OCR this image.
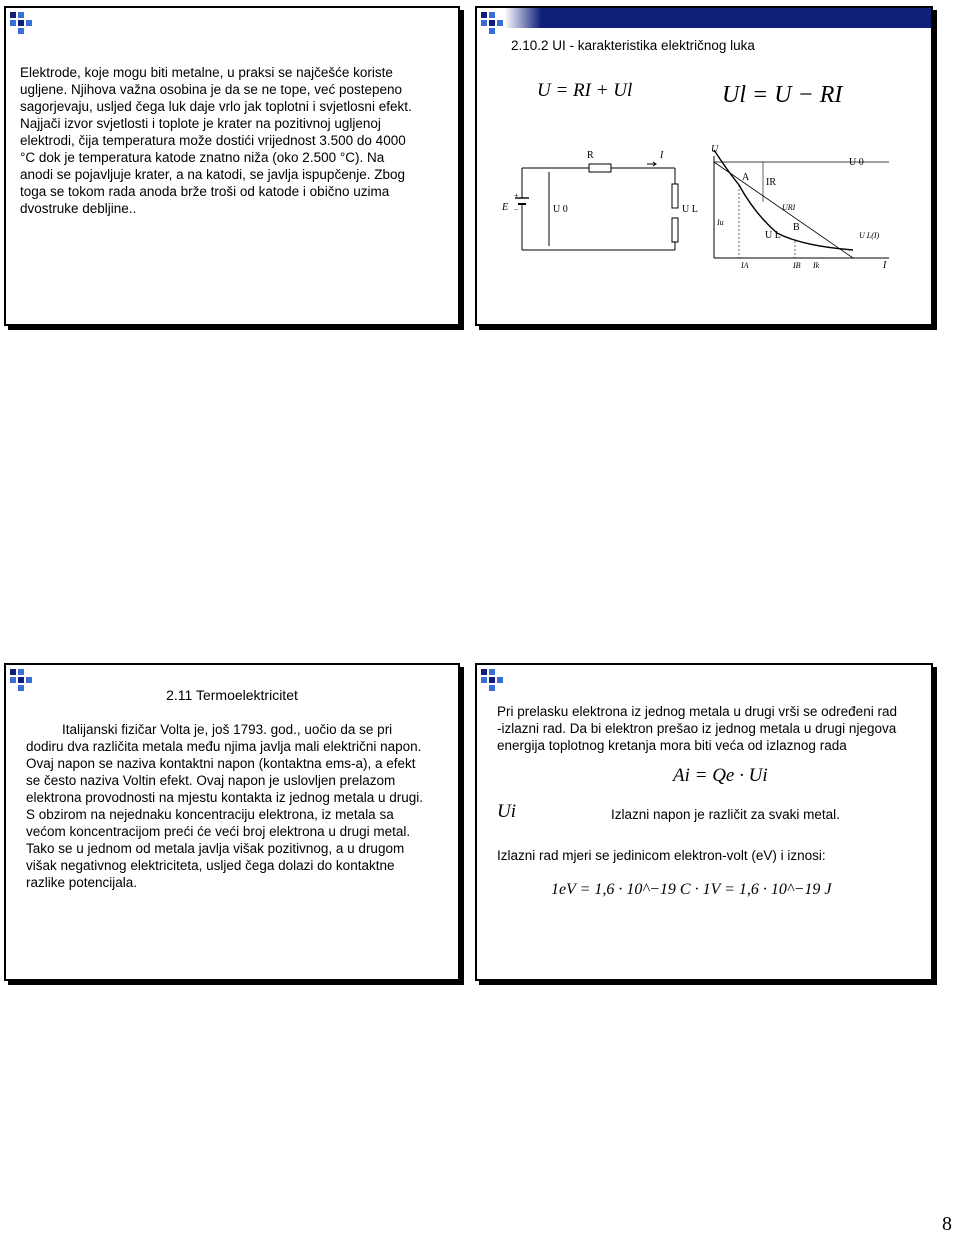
Elektrode, koje mogu biti metalne, u praksi se najčešće koriste ugljene. Njihova važna osobina je da se ne tope, već postepeno sagorjevaju, usljed čega luk daje vrlo jak toplotni i svjetlosni efekt. Najjači izvor svjetlosti i toplote je krater na pozitivnoj ugljenoj elektrodi, čija temperatura može dostići vrijednost 3.500 do 4000 °C dok je temperatura katode znatno niža (oko 2.500 °C). Na anodi se pojavljuje krater, a na katodi, se javlja ispupčenje. Zbog toga se tokom rada anoda brže troši od katode i obično uzima dvostruke debljine..
2.10.2 UI - karakteristika električnog luka
U = RI + Ul	Ul = U − RI
E
+
−
R	I
U 0	U L
U
A IR
U 0
URI
B
U L	U L(I)
Iu
IA	IB Ik	I
2.11 Termoelektricitet
Italijanski fizičar Volta je, još 1793. god., uočio da se pri dodiru dva različita metala među njima javlja mali električni napon. Ovaj napon se naziva kontaktni napon (kontaktna ems-a), a efekt se često naziva Voltin efekt. Ovaj napon je uslovljen prelazom elektrona provodnosti na mjestu kontakta iz jednog metala u drugi. S obzirom na nejednaku koncentraciju elektrona, iz metala sa većom koncentracijom preći će veći broj elektrona u drugi metal. Tako se u jednom od metala javlja višak pozitivnog, a u drugom višak negativnog elektriciteta, usljed čega dolazi do kontaktne razlike potencijala.
Pri prelasku elektrona iz jednog metala u drugi vrši se određeni rad -izlazni rad. Da bi elektron prešao iz jednog metala u drugi njegova energija toplotnog kretanja mora biti veća od izlaznog rada
Ai = Qe · Ui
Ui	Izlazni napon je različit za svaki metal.
Izlazni rad mjeri se jedinicom elektron-volt (eV) i iznosi:
1eV = 1,6 · 10^−19 C · 1V = 1,6 · 10^−19 J
8
